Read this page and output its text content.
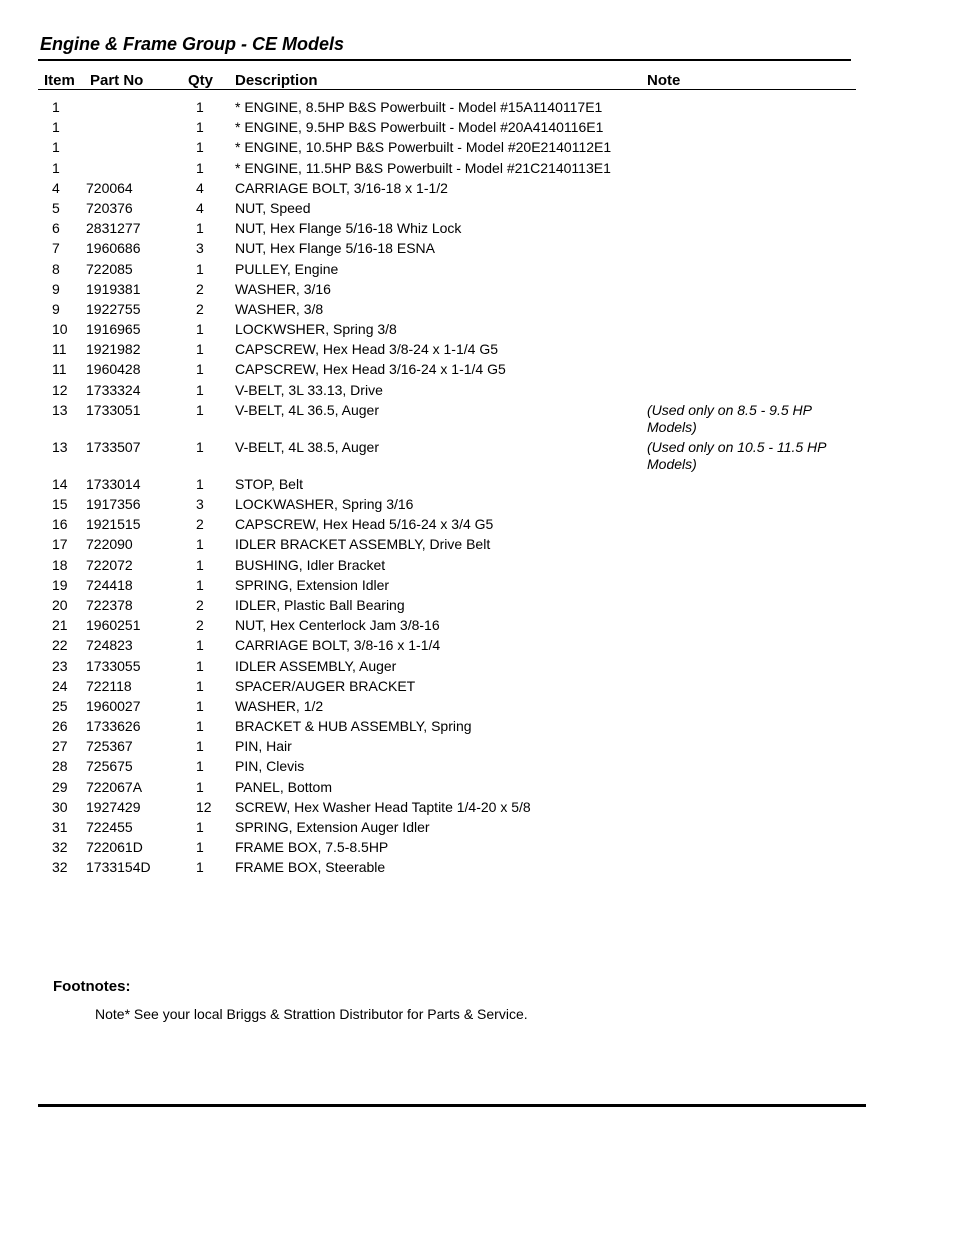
Engine & Frame Group - CE Models
Item Part No	Qty Description	Note
1	1 * ENGINE, 8.5HP B&S Powerbuilt - Model #15A1140117E1
1	1 * ENGINE, 9.5HP B&S Powerbuilt - Model #20A4140116E1
1	1 * ENGINE, 10.5HP B&S Powerbuilt - Model #20E2140112E1
1	1 * ENGINE, 11.5HP B&S Powerbuilt - Model #21C2140113E1
4 720064	4 CARRIAGE BOLT, 3/16-18 x 1-1/2
5 720376	4 NUT, Speed
6 2831277	1 NUT, Hex Flange 5/16-18 Whiz Lock
7 1960686	3 NUT, Hex Flange 5/16-18 ESNA
8 722085	1 PULLEY, Engine
9 1919381	2 WASHER, 3/16
9 1922755	2 WASHER, 3/8
10 1916965	1 LOCKWSHER, Spring 3/8
11 1921982	1 CAPSCREW, Hex Head 3/8-24 x 1-1/4 G5
11 1960428	1 CAPSCREW, Hex Head 3/16-24 x 1-1/4 G5
12 1733324	1 V-BELT, 3L 33.13, Drive
13 1733051	1 V-BELT, 4L 36.5, Auger	(Used only on 8.5 - 9.5 HP Models)
13 1733507	1 V-BELT, 4L 38.5, Auger	(Used only on 10.5 - 11.5 HP Models)
14 1733014	1 STOP, Belt
15 1917356	3 LOCKWASHER, Spring 3/16
16 1921515	2 CAPSCREW, Hex Head 5/16-24 x 3/4 G5
17 722090	1 IDLER BRACKET ASSEMBLY, Drive Belt
18 722072	1 BUSHING, Idler Bracket
19 724418	1 SPRING, Extension Idler
20 722378	2 IDLER, Plastic Ball Bearing
21 1960251	2 NUT, Hex Centerlock Jam 3/8-16
22 724823	1 CARRIAGE BOLT, 3/8-16 x 1-1/4
23 1733055	1 IDLER ASSEMBLY, Auger
24 722118	1 SPACER/AUGER BRACKET
25 1960027	1 WASHER, 1/2
26 1733626	1 BRACKET & HUB ASSEMBLY, Spring
27 725367	1 PIN, Hair
28 725675	1 PIN, Clevis
29 722067A	1 PANEL, Bottom
30 1927429	12 SCREW, Hex Washer Head Taptite 1/4-20 x 5/8
31 722455	1 SPRING, Extension Auger Idler
32 722061D	1 FRAME BOX, 7.5-8.5HP
32 1733154D	1 FRAME BOX, Steerable
Footnotes:
Note* See your local Briggs & Strattion Distributor for Parts & Service.
